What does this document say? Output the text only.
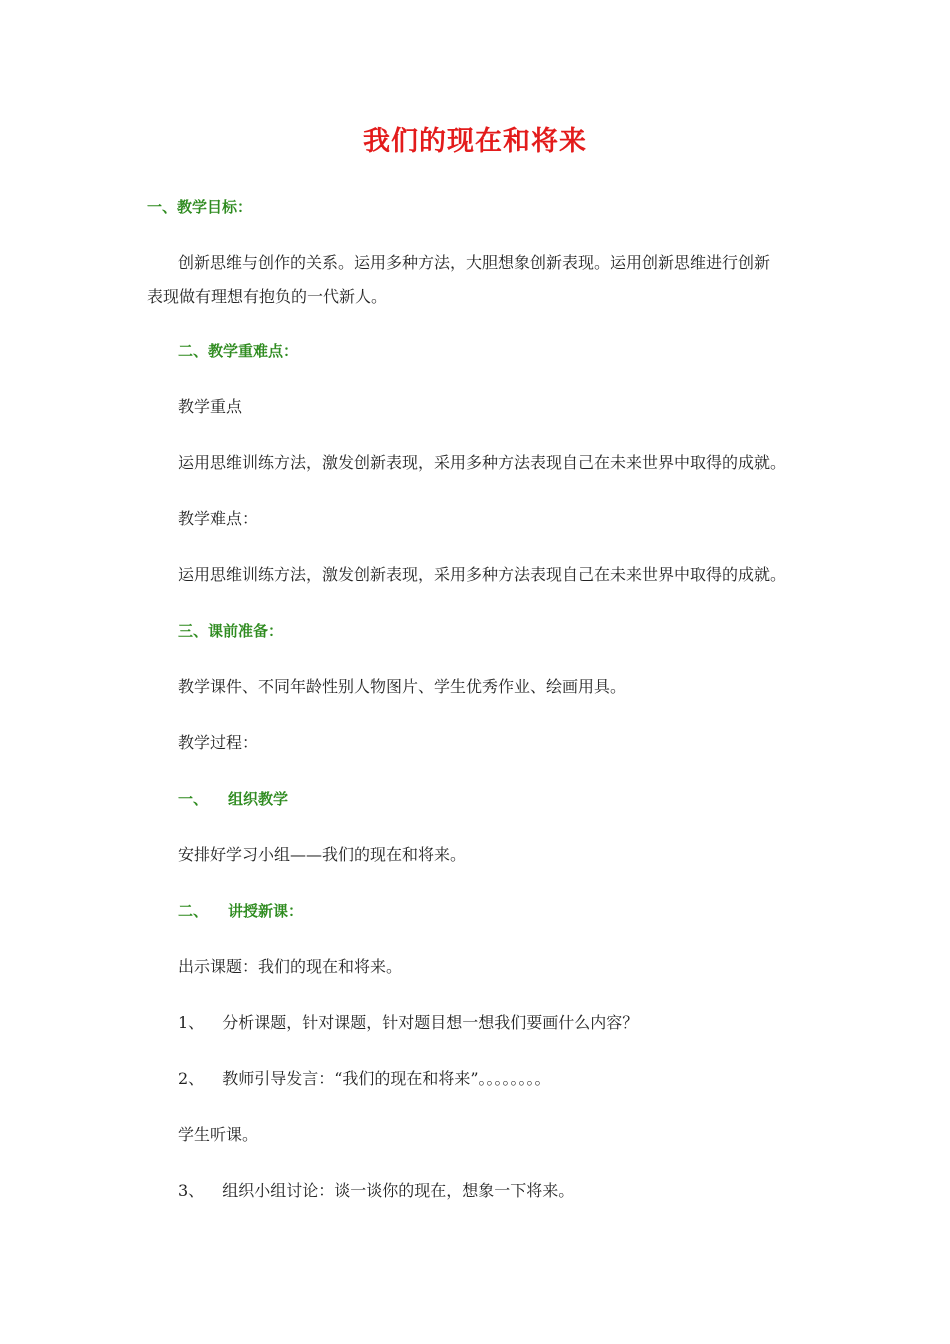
我们的现在和将来
一、教学目标：
创新思维与创作的关系。运用多种方法，大胆想象创新表现。运用创新思维进行创新
表现做有理想有抱负的一代新人。
二、教学重难点：
教学重点
运用思维训练方法，激发创新表现，采用多种方法表现自己在未来世界中取得的成就。
教学难点：
运用思维训练方法，激发创新表现，采用多种方法表现自己在未来世界中取得的成就。
三、课前准备：
教学课件、不同年龄性别人物图片、学生优秀作业、绘画用具。
教学过程：
一、 组织教学
安排好学习小组——我们的现在和将来。
二、 讲授新课：
出示课题：我们的现在和将来。
1、 分析课题，针对课题，针对题目想一想我们要画什么内容？
2、 教师引导发言：“我们的现在和将来”。。。。。。。。
学生听课。
3、 组织小组讨论：谈一谈你的现在，想象一下将来。
